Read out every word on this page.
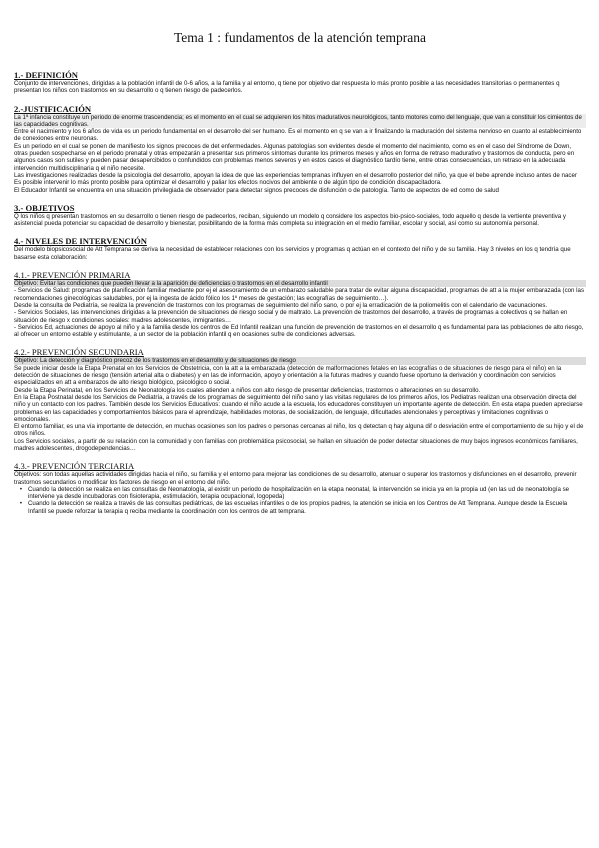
Tema 1 : fundamentos de la atención temprana
1.- DEFINICIÓN

Conjunto de intervenciones, dirigidas a la población infantil de 0-6 años, a la familia y al entorno, q tiene por objetivo dar respuesta lo más pronto posible a las necesidades transitorias o permanentes q presentan los niños con trastornos en su desarrollo o q tienen riesgo de padecerlos.

2.-JUSTIFICACIÓN

La 1ª infancia constituye un periodo de enorme trascendencia; es el momento en el cual se adquieren los hitos madurativos neurológicos, tanto motores como del lenguaje, que van a constituir los cimientos de las capacidades cognitivas.

Entre el nacimiento y los 6 años de vida es un periodo fundamental en el desarrollo del ser humano. Es el momento en q se van a ir finalizando la maduración del sistema nervioso en cuanto al establecimiento de conexiones entre neuronas.

Es un periodo en el cual se ponen de manifiesto los signos precoces de det enfermedades. Algunas patologías son evidentes desde el momento del nacimiento, como es en el caso del Síndrome de Down, otras pueden sospecharse en el periodo prenatal y otras empezarán a presentar sus primeros síntomas durante los primeros meses y años en forma de retraso madurativo y trastornos de conducta, pero en algunos casos son sutiles y pueden pasar desapercibidos o confundidos con problemas menos severos y en estos casos el diagnóstico tardío tiene, entre otras consecuencias, un retraso en la adecuada intervención multidisciplinaria q el niño necesite.

Las investigaciones realizadas desde la psicología del desarrollo, apoyan la idea de que las experiencias tempranas influyen en el desarrollo posterior del niño, ya que el bebe aprende incluso antes de nacer

Es posible intervenir lo más pronto posible para optimizar el desarrollo y paliar los efectos nocivos del ambiente o de algún tipo de condición discapacitadora.

El Educador Infantil se encuentra en una situación privilegiada de observador para detectar signos precoces de disfunción o de patología. Tanto de aspectos de ed como de salud

3.- OBJETIVOS

Q los niños q presentan trastornos en su desarrollo o tienen riesgo de padecerlos, reciban, siguiendo un modelo q considere los aspectos bio-psico-sociales, todo aquello q desde la vertiente preventiva y asistencial pueda potenciar su capacidad de desarrollo y bienestar, posibilitando de la forma más completa su integración en el medio familiar, escolar y social, así como su autonomía personal.

4.- NIVELES DE INTERVENCIÓN

Del modelo biopsicosocial de Att Temprana se deriva la necesidad de establecer relaciones con los servicios y programas q actúan en el contexto del niño y de su familia. Hay 3 niveles en los q tendría que basarse esta colaboración:

4.1.- PREVENCIÓN PRIMARIA

Objetivo: Evitar las condiciones que pueden llevar a la aparición de deficiencias o trastornos en el desarrollo infantil

- Servicios de Salud: programas de planificación familiar mediante por ej el asesoramiento de un embarazo saludable para tratar de evitar alguna discapacidad, programas de att a la mujer embarazada (con las recomendaciones ginecológicas saludables, por ej la ingesta de ácido fólico los 1º meses de gestación; las ecografías de seguimiento…).

Desde la consulta de Pediatría, se realiza la prevención de trastornos con los programas de seguimiento del niño sano, o por ej la erradicación de la poliomelitis con el calendario de vacunaciones.

- Servicios Sociales, las intervenciones dirigidas a la prevención de situaciones de riesgo social y de maltrato. La prevención de trastornos del desarrollo, a través de programas a colectivos q se hallan en situación de riesgo x condiciones sociales: madres adolescentes, inmigrantes…

- Servicios Ed, actuaciones de apoyo al niño y a la familia desde los centros de Ed Infantil realizan una función de prevención de trastornos en el desarrollo q es fundamental para las poblaciones de alto riesgo, al ofrecer un entorno estable y estimulante, a un sector de la población infantil q en ocasiones sufre de condiciones adversas.

4.2.- PREVENCIÓN SECUNDARIA

Objetivo: La detección y diagnóstico precoz de los trastornos en el desarrollo y de situaciones de riesgo

Se puede iniciar desde la Etapa Prenatal en los Servicios de Obstetricia, con la att a la embarazada (detección de malformaciones fetales en las ecografías o de situaciones de riesgo para el niño) en la detección de situaciones de riesgo (tensión arterial alta o diabetes) y en las de información, apoyo y orientación a la futuras madres y cuando fuese oportuno la derivación y coordinación con servicios especializados en att a embarazos de alto riesgo biológico, psicológico o social.

Desde la Etapa Perinatal, en los Servicios de Neonatología los cuales atienden a niños con alto riesgo de presentar deficiencias, trastornos o alteraciones en su desarrollo.

En la Etapa Postnatal desde los Servicios de Pediatría, a través de los programas de seguimiento del niño sano y las visitas regulares de los primeros años, los Pediatras realizan una observación directa del niño y un contacto con los padres. También desde los Servicios Educativos: cuando el niño acude a la escuela, los educadores constituyen un importante agente de detección. En esta etapa pueden apreciarse problemas en las capacidades y comportamientos básicos para el aprendizaje, habilidades motoras, de socialización, de lenguaje, dificultades atencionales y perceptivas y limitaciones cognitivas o emocionales.

El entorno familiar, es una vía importante de detección, en muchas ocasiones son los padres o personas cercanas al niño, los q detectan q hay alguna dif o desviación entre el comportamiento de su hijo y el de otros niños.

Los Servicios sociales, a partir de su relación con la comunidad y con familias con problemática psicosocial, se hallan en situación de poder detectar situaciones de muy bajos ingresos económicos familiares, madres adolescentes, drogodependencias…

4.3.- PREVENCIÓN TERCIARIA

Objetivos: son todas aquellas actividades dirigidas hacia el niño, su familia y el entorno para mejorar las condiciones de su desarrollo, atenuar o superar los trastornos y disfunciones en el desarrollo, prevenir trastornos secundarios o modificar los factores de riesgo en el entorno del niño.

• Cuando la detección se realiza en las consultas de Neonatología, al existir un periodo de hospitalización en la etapa neonatal, la intervención se inicia ya en la propia ud (en las ud de neonatología se interviene ya desde incubadoras con fisioterapia, estimulación, terapia ocupacional, logopeda)
• Cuando la detección se realiza a través de las consultas pediátricas, de las escuelas infantiles o de los propios padres, la atención se inicia en los Centros de Att Temprana. Aunque desde la Escuela Infantil se puede reforzar la terapia q reciba mediante la coordinación con los centros de att temprana.
